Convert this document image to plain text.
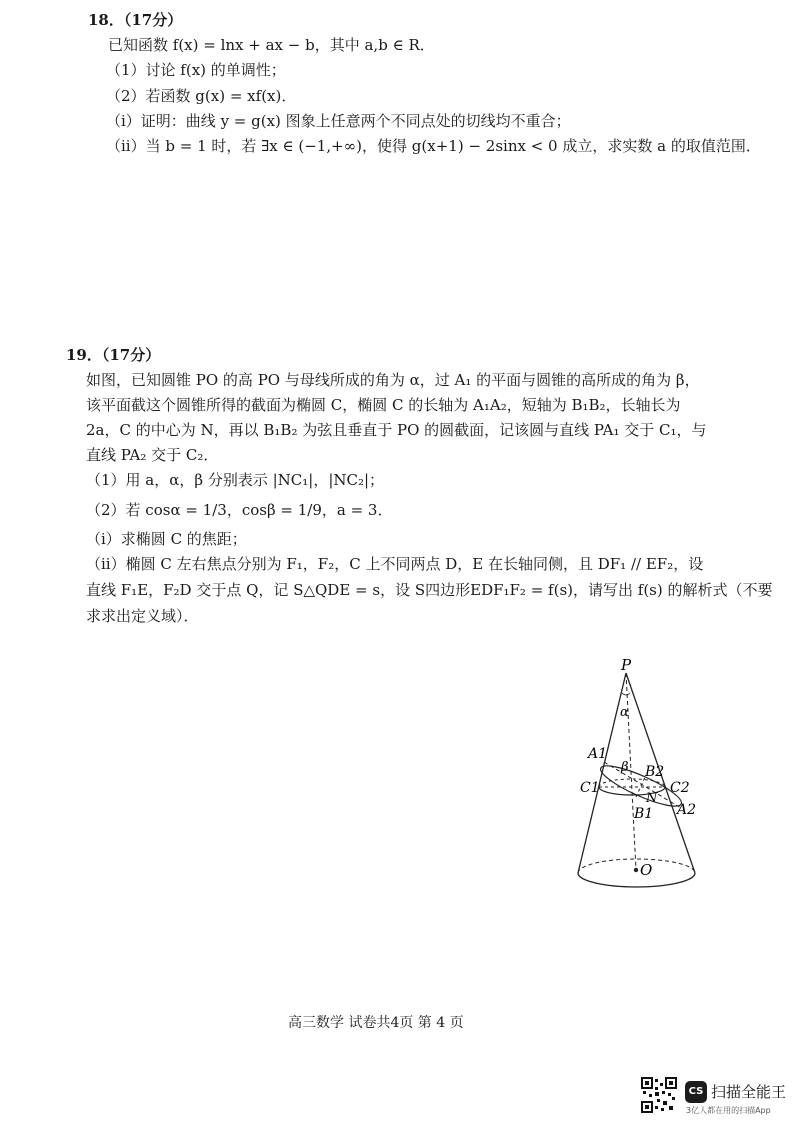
18．（17分）
已知函数 f(x) = lnx + ax − b，其中 a,b ∈ R．
（1）讨论 f(x) 的单调性；
（2）若函数 g(x) = xf(x)．
（i）证明：曲线 y = g(x) 图象上任意两个不同点处的切线均不重合；
（ii）当 b = 1 时，若 ∃x ∈ (−1,+∞)，使得 g(x+1) − 2sinx < 0 成立，求实数 a 的取值范围．
19．（17分）
如图，已知圆锥 PO 的高 PO 与母线所成的角为 α，过 A₁ 的平面与圆锥的高所成的角为 β，
该平面截这个圆锥所得的截面为椭圆 C，椭圆 C 的长轴为 A₁A₂，短轴为 B₁B₂，长轴长为
2a，C 的中心为 N，再以 B₁B₂ 为弦且垂直于 PO 的圆截面，记该圆与直线 PA₁ 交于 C₁，与
直线 PA₂ 交于 C₂．
（1）用 a，α，β 分别表示 |NC₁|，|NC₂|；
（2）若 cosα = 1/3，cosβ = 1/9，a = 3．
（i）求椭圆 C 的焦距；
（ii）椭圆 C 左右焦点分别为 F₁，F₂，C 上不同两点 D，E 在长轴同侧，且 DF₁ // EF₂，设
直线 F₁E，F₂D 交于点 Q，记 S△QDE = s，设 S四边形EDF₁F₂ = f(s)，请写出 f(s) 的解析式（不要
求求出定义域）．
P
α
A1
β B2
C1	C2
N
A2
B1
O
高三数学 试卷共4页 第 4 页
CS 扫描全能王
3亿人都在用的扫描App
